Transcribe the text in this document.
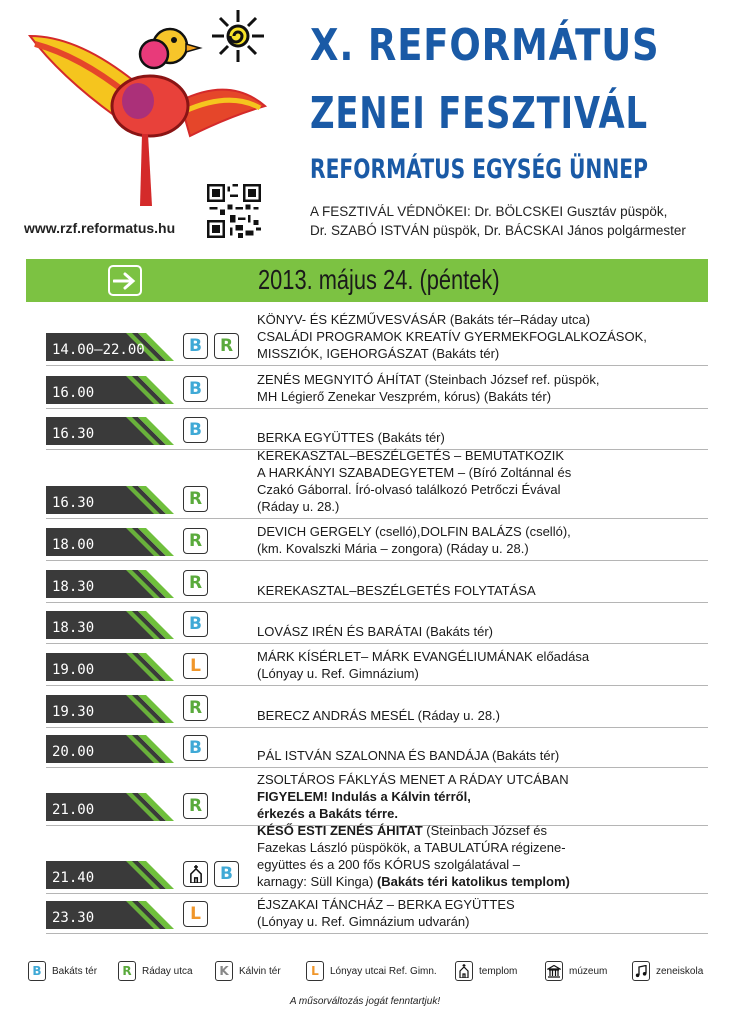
www.rzf.reformatus.hu
X. REFORMÁTUS
ZENEI FESZTIVÁL
REFORMÁTUS EGYSÉG ÜNNEP
A FESZTIVÁL VÉDNÖKEI: Dr. BÖLCSKEI Gusztáv püspök,
Dr. SZABÓ ISTVÁN püspök, Dr. BÁCSKAI János polgármester
2013. május 24. (péntek)
14.00–22.00	B	R
KÖNYV- ÉS KÉZMŰVESVÁSÁR (Bakáts tér–Ráday utca)
CSALÁDI PROGRAMOK KREATÍV GYERMEKFOGLALKOZÁSOK,
MISSZIÓK, IGEHORGÁSZAT (Bakáts tér)
16.00	B	ZENÉS MEGNYITÓ ÁHÍTAT (Steinbach József ref. püspök,
MH Légierő Zenekar Veszprém, kórus) (Bakáts tér)
16.30	B	BERKA EGYÜTTES (Bakáts tér)
16.30	R
KEREKASZTAL–BESZÉLGETÉS – BEMUTATKOZIK
A HARKÁNYI SZABADEGYETEM – (Bíró Zoltánnal és
Czakó Gáborral. Író-olvasó találkozó Petrőczi Évával
(Ráday u. 28.)
18.00	R	DEVICH GERGELY (cselló),DOLFIN BALÁZS (cselló),
(km. Kovalszki Mária – zongora) (Ráday u. 28.)
18.30	R	KEREKASZTAL–BESZÉLGETÉS FOLYTATÁSA
18.30	B	LOVÁSZ IRÉN ÉS BARÁTAI (Bakáts tér)
19.00	L	MÁRK KÍSÉRLET– MÁRK EVANGÉLIUMÁNAK előadása
(Lónyay u. Ref. Gimnázium)
19.30	R	BERECZ ANDRÁS MESÉL (Ráday u. 28.)
20.00	B	PÁL ISTVÁN SZALONNA ÉS BANDÁJA (Bakáts tér)
21.00	R
ZSOLTÁROS FÁKLYÁS MENET A RÁDAY UTCÁBAN
FIGYELEM! Indulás a Kálvin térről,
érkezés a Bakáts térre.
21.40	B
KÉSŐ ESTI ZENÉS ÁHITAT (Steinbach József és
Fazekas László püspökök, a TABULATÚRA régizene-
együttes és a 200 fős KÓRUS szolgálatával –
karnagy: Süll Kinga) (Bakáts téri katolikus templom)
23.30	L	ÉJSZAKAI TÁNCHÁZ – BERKA EGYÜTTES
(Lónyay u. Ref. Gimnázium udvarán)
B	Bakáts tér	R	Ráday utca	K	Kálvin tér	L	Lónyay utcai Ref. Gimn.	templom	múzeum	zeneiskola
A műsorváltozás jogát fenntartjuk!
